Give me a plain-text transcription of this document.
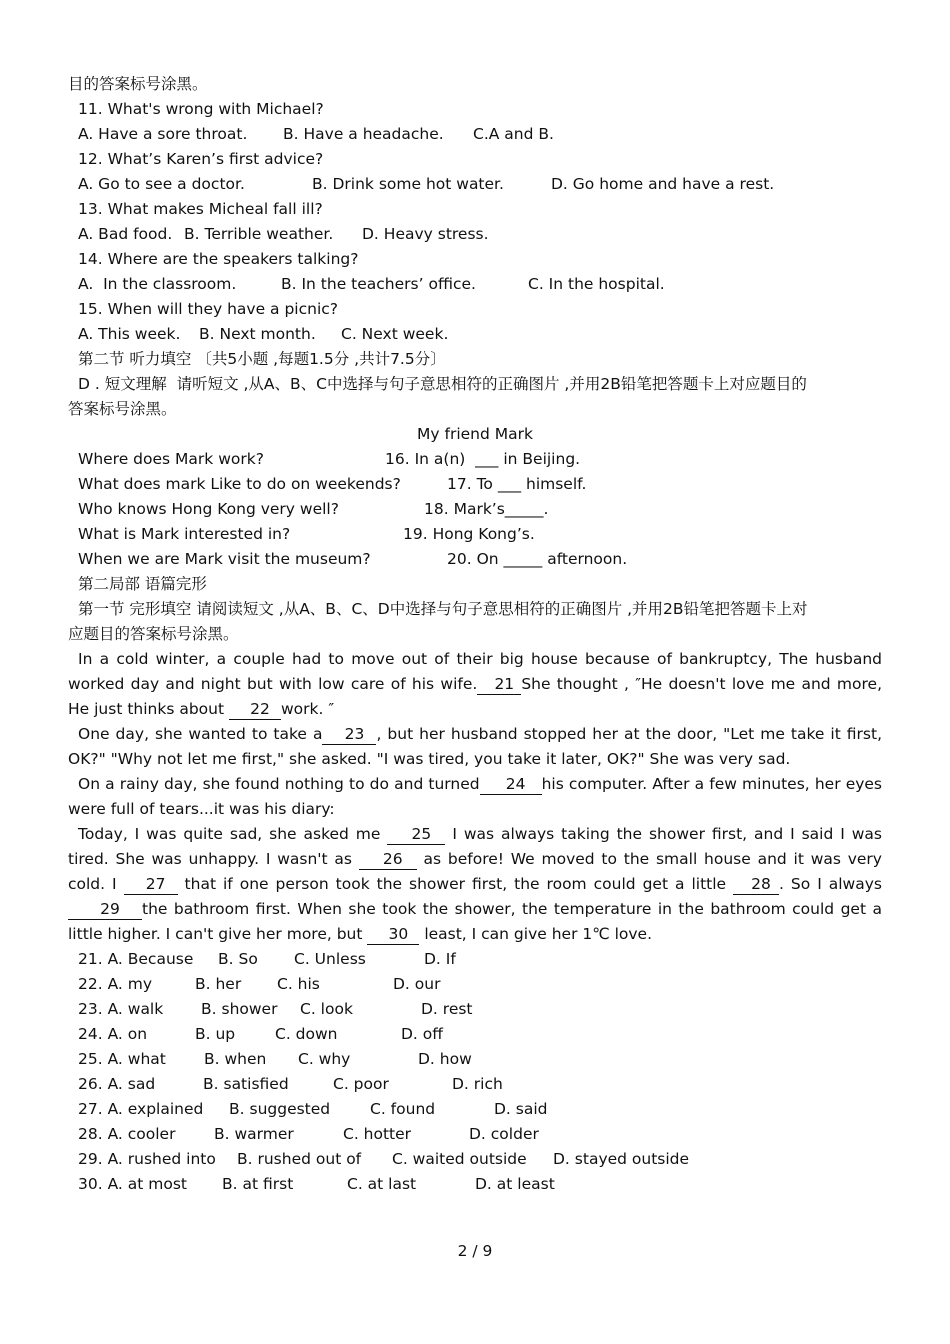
目的答案标号涂黑。
11. What's wrong with Michael?
A. Have a sore throat. B. Have a headache. C.A and B.
12. What’s Karen’s first advice?
A. Go to see a doctor.	B. Drink some hot water.	D. Go home and have a rest.
13. What makes Micheal fall ill?
A. Bad food. B. Terrible weather. D. Heavy stress.
14. Where are the speakers talking?
A.  In the classroom.	B. In the teachers’ office.	C. In the hospital.
15. When will they have a picnic?
A. This week. B. Next month. C. Next week.
第二节 听力填空 〔共5小题 ,每题1.5分 ,共计7.5分〕
D . 短文理解  请听短文 ,从A、B、C中选择与句子意思相符的正确图片 ,并用2B铅笔把答题卡上对应题目的
答案标号涂黑。
My friend Mark
Where does Mark work?	16. In a(n)  ___ in Beijing.
What does mark Like to do on weekends?	17. To ___ himself.
Who knows Hong Kong very well?	18. Mark’s_____.
What is Mark interested in?	19. Hong Kong’s.
When we are Mark visit the museum?	20. On _____ afternoon.
第二局部 语篇完形
第一节 完形填空 请阅读短文 ,从A、B、C、D中选择与句子意思相符的正确图片 ,并用2B铅笔把答题卡上对
应题目的答案标号涂黑。
In a cold winter, a couple had to move out of their big house because of bankruptcy, The husband worked day and night but with low care of his wife. 21 She thought , ″He doesn't love me and more, He just thinks about 22 work. ″
One day, she wanted to take a 23 , but her husband stopped her at the door, "Let me take it first, OK?" "Why not let me first," she asked. "I was tired, you take it later, OK?" She was very sad.
On a rainy day, she found nothing to do and turned 24 his computer. After a few minutes, her eyes were full of tears...it was his diary:
Today, I was quite sad, she asked me 25 I was always taking the shower first, and I said I was tired. She was unhappy. I wasn't as 26 as before! We moved to the small house and it was very cold. I 27 that if one person took the shower first, the room could get a little 28 . So I always 29 the bathroom first. When she took the shower, the temperature in the bathroom could get a little higher. I can't give her more, but 30 least, I can give her 1℃ love.
21. A. Because B. So C. Unless	D. If
22. A. my	B. her C. his	D. our
23. A. walk B. shower C. look	D. rest
24. A. on	B. up	C. down	D. off
25. A. what B. when C. why	D. how
26. A. sad	B. satisfied	C. poor	D. rich
27. A. explained B. suggested	C. found	D. said
28. A. cooler B. warmer	C. hotter	D. colder
29. A. rushed into B. rushed out of C. waited outside D. stayed outside
30. A. at most B. at first	C. at last	D. at least
2 / 9
